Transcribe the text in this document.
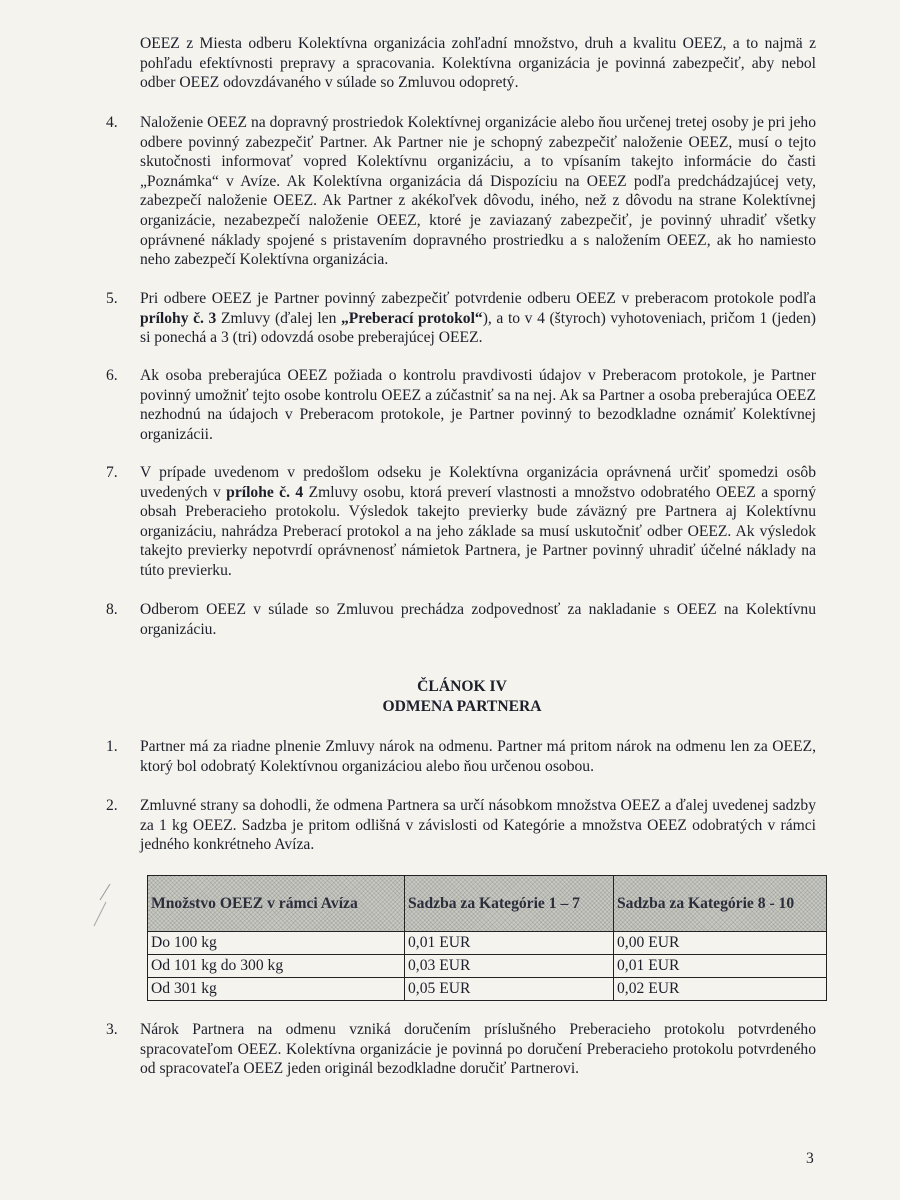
OEEZ z Miesta odberu Kolektívna organizácia zohľadní množstvo, druh a kvalitu OEEZ, a to najmä z pohľadu efektívnosti prepravy a spracovania. Kolektívna organizácia je povinná zabezpečiť, aby nebol odber OEEZ odovzdávaného v súlade so Zmluvou odopretý.

4. Naloženie OEEZ na dopravný prostriedok Kolektívnej organizácie alebo ňou určenej tretej osoby je pri jeho odbere povinný zabezpečiť Partner. Ak Partner nie je schopný zabezpečiť naloženie OEEZ, musí o tejto skutočnosti informovať vopred Kolektívnu organizáciu, a to vpísaním takejto informácie do časti „Poznámka“ v Avíze. Ak Kolektívna organizácia dá Dispozíciu na OEEZ podľa predchádzajúcej vety, zabezpečí naloženie OEEZ. Ak Partner z akékoľvek dôvodu, iného, než z dôvodu na strane Kolektívnej organizácie, nezabezpečí naloženie OEEZ, ktoré je zaviazaný zabezpečiť, je povinný uhradiť všetky oprávnené náklady spojené s pristavením dopravného prostriedku a s naložením OEEZ, ak ho namiesto neho zabezpečí Kolektívna organizácia.

5. Pri odbere OEEZ je Partner povinný zabezpečiť potvrdenie odberu OEEZ v preberacom protokole podľa prílohy č. 3 Zmluvy (ďalej len „Preberací protokol“), a to v 4 (štyroch) vyhotoveniach, pričom 1 (jeden) si ponechá a 3 (tri) odovzdá osobe preberajúcej OEEZ.

6. Ak osoba preberajúca OEEZ požiada o kontrolu pravdivosti údajov v Preberacom protokole, je Partner povinný umožniť tejto osobe kontrolu OEEZ a zúčastniť sa na nej. Ak sa Partner a osoba preberajúca OEEZ nezhodnú na údajoch v Preberacom protokole, je Partner povinný to bezodkladne oznámiť Kolektívnej organizácii.

7. V prípade uvedenom v predošlom odseku je Kolektívna organizácia oprávnená určiť spomedzi osôb uvedených v prílohe č. 4 Zmluvy osobu, ktorá preverí vlastnosti a množstvo odobratého OEEZ a sporný obsah Preberacieho protokolu. Výsledok takejto previerky bude záväzný pre Partnera aj Kolektívnu organizáciu, nahrádza Preberací protokol a na jeho základe sa musí uskutočniť odber OEEZ. Ak výsledok takejto previerky nepotvrdí oprávnenosť námietok Partnera, je Partner povinný uhradiť účelné náklady na túto previerku.

8. Odberom OEEZ v súlade so Zmluvou prechádza zodpovednosť za nakladanie s OEEZ na Kolektívnu organizáciu.

ČLÁNOK IV
ODMENA PARTNERA
1. Partner má za riadne plnenie Zmluvy nárok na odmenu. Partner má pritom nárok na odmenu len za OEEZ, ktorý bol odobratý Kolektívnou organizáciou alebo ňou určenou osobou.

2. Zmluvné strany sa dohodli, že odmena Partnera sa určí násobkom množstva OEEZ a ďalej uvedenej sadzby za 1 kg OEEZ. Sadzba je pritom odlišná v závislosti od Kategórie a množstva OEEZ odobratých v rámci jedného konkrétneho Avíza.

Množstvo OEEZ v rámci Avíza	Sadzba za Kategórie 1 – 7	Sadzba za Kategórie 8 - 10
Do 100 kg	0,01 EUR	0,00 EUR
Od 101 kg do 300 kg	0,03 EUR	0,01 EUR
Od 301 kg	0,05 EUR	0,02 EUR
3. Nárok Partnera na odmenu vzniká doručením príslušného Preberacieho protokolu potvrdeného spracovateľom OEEZ. Kolektívna organizácie je povinná po doručení Preberacieho protokolu potvrdeného od spracovateľa OEEZ jeden originál bezodkladne doručiť Partnerovi.

3
